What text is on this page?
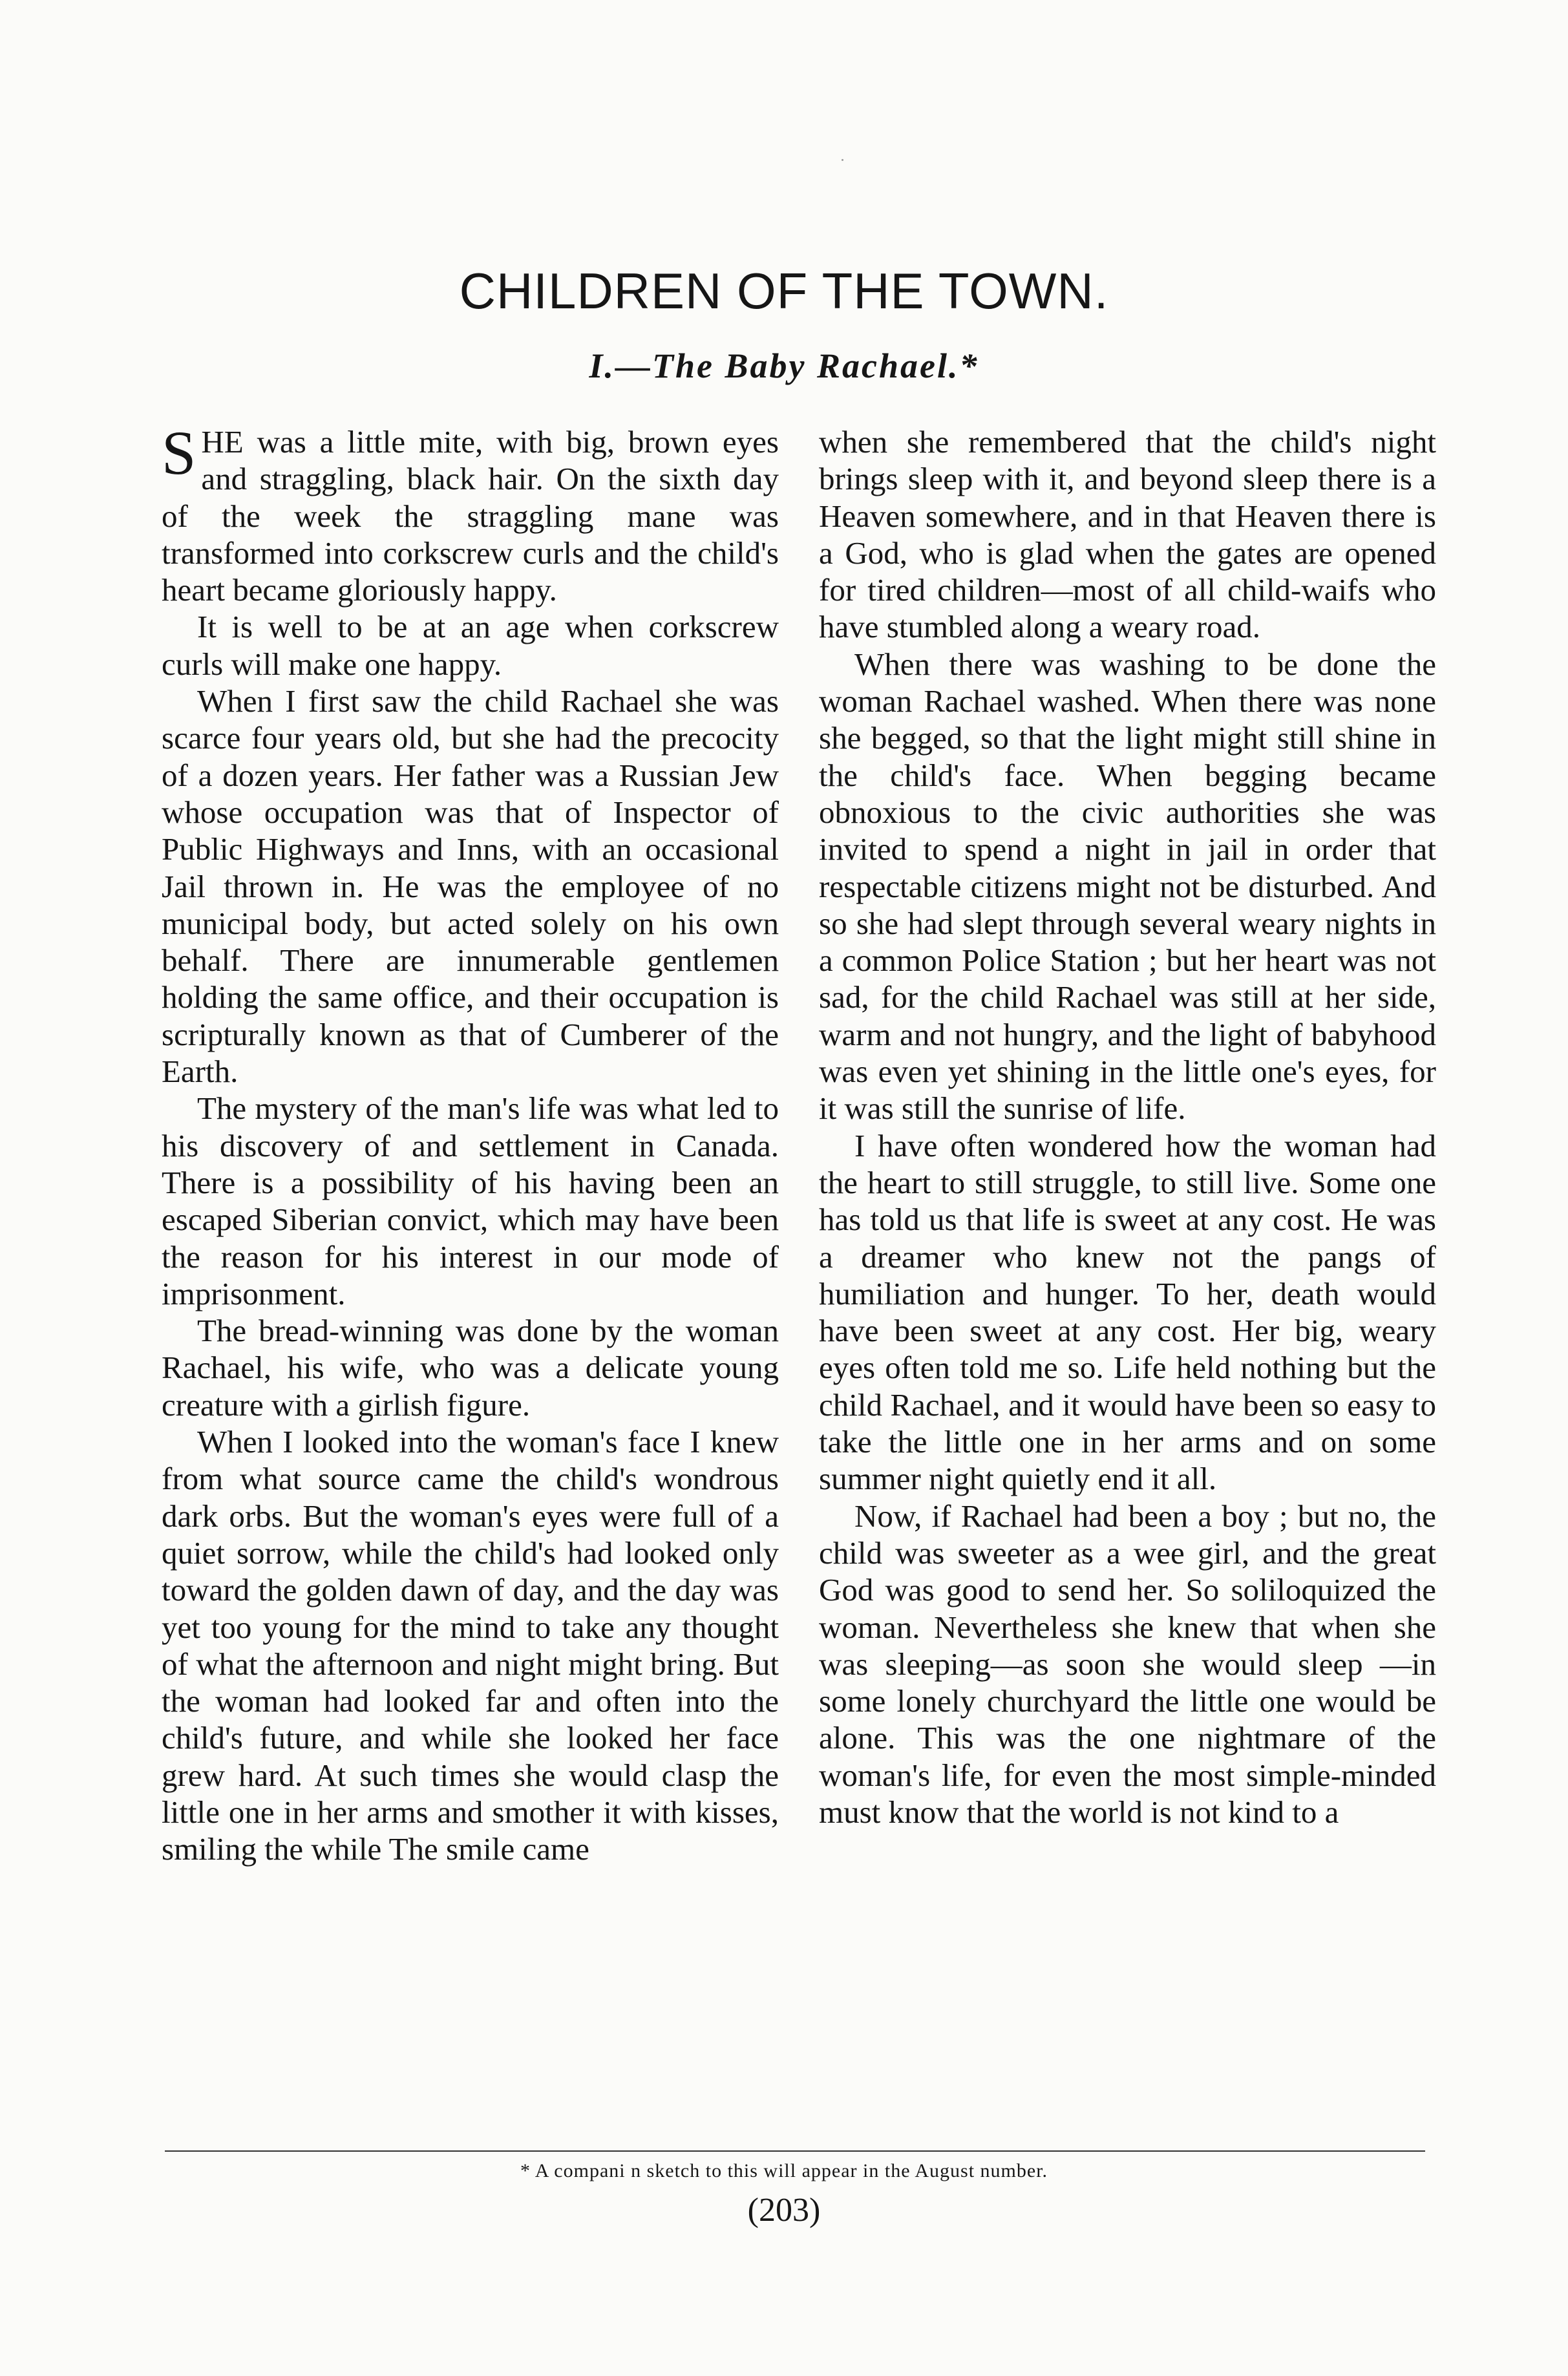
CHILDREN OF THE TOWN.
I.—The Baby Rachael.*

SHE was a little mite, with big, brown eyes and straggling, black hair. On the sixth day of the week the straggling mane was transformed into corkscrew curls and the child's heart became gloriously happy.

It is well to be at an age when corkscrew curls will make one happy.

When I first saw the child Rachael she was scarce four years old, but she had the precocity of a dozen years. Her father was a Russian Jew whose occupation was that of Inspector of Public Highways and Inns, with an occasional Jail thrown in. He was the employee of no municipal body, but acted solely on his own behalf. There are innumerable gentlemen holding the same office, and their occupation is scripturally known as that of Cumberer of the Earth.

The mystery of the man's life was what led to his discovery of and settlement in Canada. There is a possibility of his having been an escaped Siberian convict, which may have been the reason for his interest in our mode of imprisonment.

The bread-winning was done by the woman Rachael, his wife, who was a delicate young creature with a girlish figure.

When I looked into the woman's face I knew from what source came the child's wondrous dark orbs. But the woman's eyes were full of a quiet sorrow, while the child's had looked only toward the golden dawn of day, and the day was yet too young for the mind to take any thought of what the afternoon and night might bring. But the woman had looked far and often into the child's future, and while she looked her face grew hard. At such times she would clasp the little one in her arms and smother it with kisses, smiling the while The smile came

when she remembered that the child's night brings sleep with it, and beyond sleep there is a Heaven somewhere, and in that Heaven there is a God, who is glad when the gates are opened for tired children—most of all child-waifs who have stumbled along a weary road.

When there was washing to be done the woman Rachael washed. When there was none she begged, so that the light might still shine in the child's face. When begging became obnoxious to the civic authorities she was invited to spend a night in jail in order that respectable citizens might not be disturbed. And so she had slept through several weary nights in a common Police Station ; but her heart was not sad, for the child Rachael was still at her side, warm and not hungry, and the light of babyhood was even yet shining in the little one's eyes, for it was still the sunrise of life.

I have often wondered how the woman had the heart to still struggle, to still live. Some one has told us that life is sweet at any cost. He was a dreamer who knew not the pangs of humiliation and hunger. To her, death would have been sweet at any cost. Her big, weary eyes often told me so. Life held nothing but the child Rachael, and it would have been so easy to take the little one in her arms and on some summer night quietly end it all.

Now, if Rachael had been a boy ; but no, the child was sweeter as a wee girl, and the great God was good to send her. So soliloquized the woman. Nevertheless she knew that when she was sleeping—as soon she would sleep —in some lonely churchyard the little one would be alone. This was the one nightmare of the woman's life, for even the most simple-minded must know that the world is not kind to a

* A compani n sketch to this will appear in the August number.

(203)
